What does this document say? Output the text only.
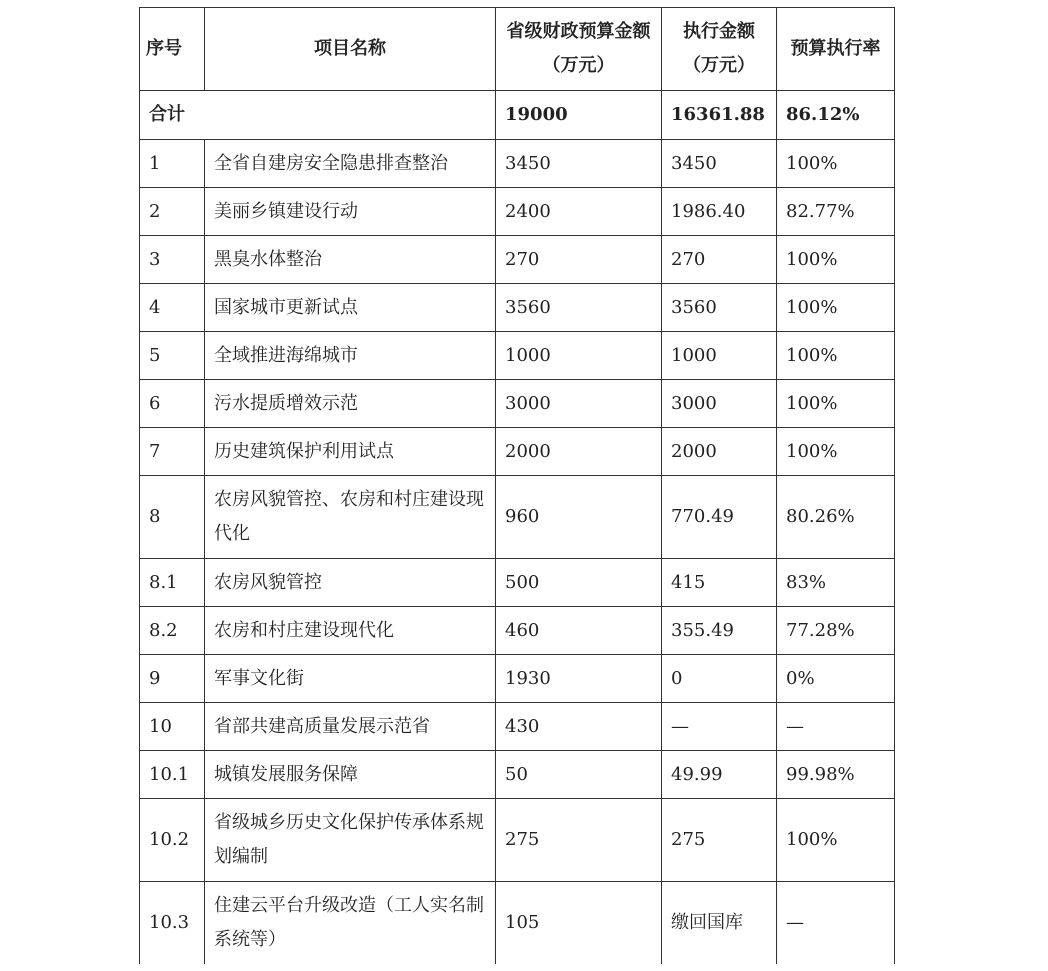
序号	项目名称	省级财政预算金额（万元）	执行金额（万元）	预算执行率
合计		19000	16361.88	86.12%
1	全省自建房安全隐患排查整治	3450	3450	100%
2	美丽乡镇建设行动	2400	1986.40	82.77%
3	黑臭水体整治	270	270	100%
4	国家城市更新试点	3560	3560	100%
5	全域推进海绵城市	1000	1000	100%
6	污水提质增效示范	3000	3000	100%
7	历史建筑保护利用试点	2000	2000	100%
8	农房风貌管控、农房和村庄建设现代化	960	770.49	80.26%
8.1	农房风貌管控	500	415	83%
8.2	农房和村庄建设现代化	460	355.49	77.28%
9	军事文化街	1930	0	0%
10	省部共建高质量发展示范省	430	—	—
10.1	城镇发展服务保障	50	49.99	99.98%
10.2	省级城乡历史文化保护传承体系规划编制	275	275	100%
10.3	住建云平台升级改造（工人实名制系统等）	105	缴回国库	—
